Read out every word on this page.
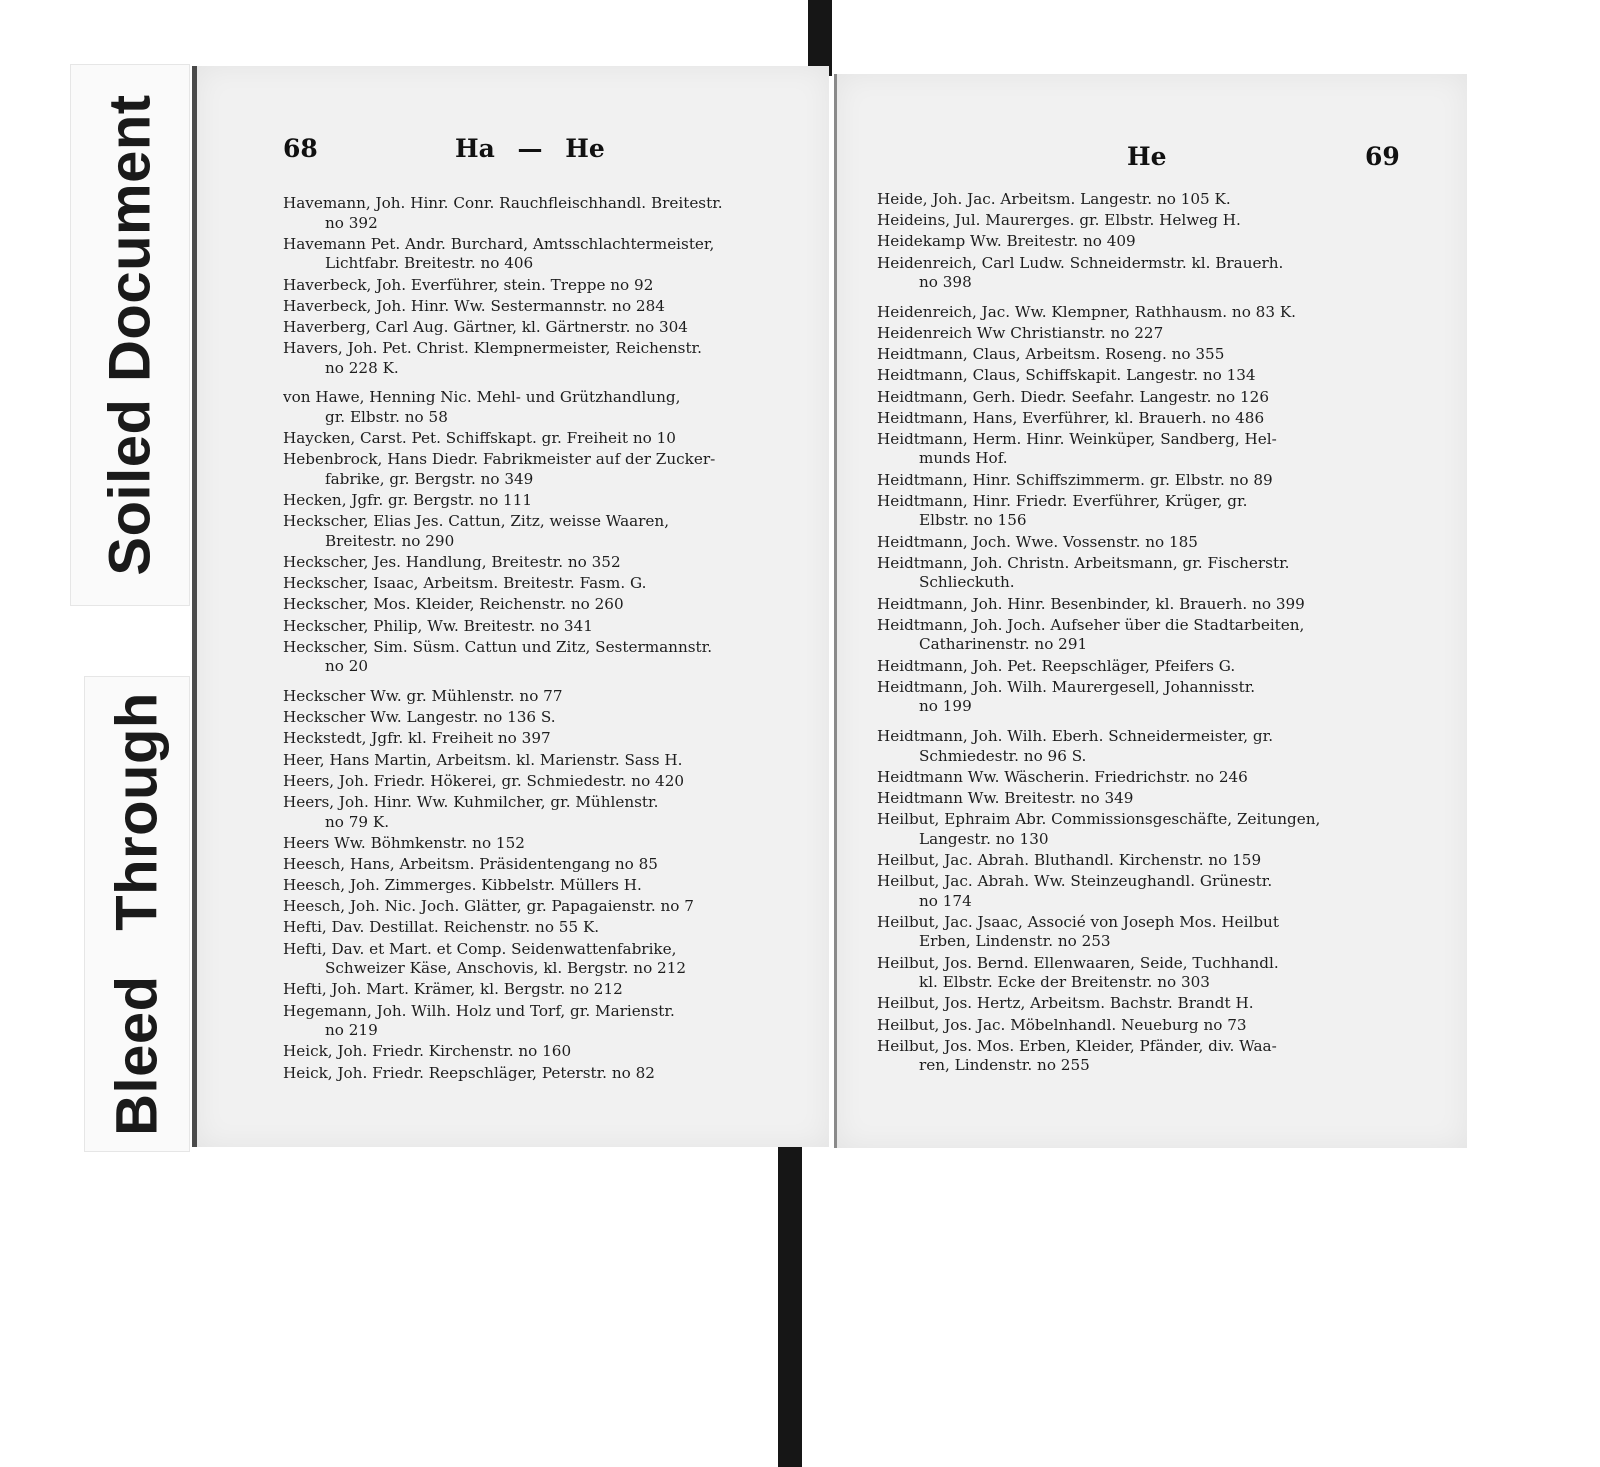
Soiled Document
Bleed Through
68	Ha — He
Havemann, Joh. Hinr. Conr. Rauchfleischhandl. Breitestr.
no 392
Havemann Pet. Andr. Burchard, Amtsschlachtermeister,
Lichtfabr. Breitestr. no 406
Haverbeck, Joh. Everführer, stein. Treppe no 92
Haverbeck, Joh. Hinr. Ww. Sestermannstr. no 284
Haverberg, Carl Aug. Gärtner, kl. Gärtnerstr. no 304
Havers, Joh. Pet. Christ. Klempnermeister, Reichenstr.
no 228 K.
von Hawe, Henning Nic. Mehl- und Grützhandlung,
gr. Elbstr. no 58
Haycken, Carst. Pet. Schiffskapt. gr. Freiheit no 10
Hebenbrock, Hans Diedr. Fabrikmeister auf der Zucker-
fabrike, gr. Bergstr. no 349
Hecken, Jgfr. gr. Bergstr. no 111
Heckscher, Elias Jes. Cattun, Zitz, weisse Waaren,
Breitestr. no 290
Heckscher, Jes. Handlung, Breitestr. no 352
Heckscher, Isaac, Arbeitsm. Breitestr. Fasm. G.
Heckscher, Mos. Kleider, Reichenstr. no 260
Heckscher, Philip, Ww. Breitestr. no 341
Heckscher, Sim. Süsm. Cattun und Zitz, Sestermannstr.
no 20
Heckscher Ww. gr. Mühlenstr. no 77
Heckscher Ww. Langestr. no 136 S.
Heckstedt, Jgfr. kl. Freiheit no 397
Heer, Hans Martin, Arbeitsm. kl. Marienstr. Sass H.
Heers, Joh. Friedr. Hökerei, gr. Schmiedestr. no 420
Heers, Joh. Hinr. Ww. Kuhmilcher, gr. Mühlenstr.
no 79 K.
Heers Ww. Böhmkenstr. no 152
Heesch, Hans, Arbeitsm. Präsidentengang no 85
Heesch, Joh. Zimmerges. Kibbelstr. Müllers H.
Heesch, Joh. Nic. Joch. Glätter, gr. Papagaienstr. no 7
Hefti, Dav. Destillat. Reichenstr. no 55 K.
Hefti, Dav. et Mart. et Comp. Seidenwattenfabrike,
Schweizer Käse, Anschovis, kl. Bergstr. no 212
Hefti, Joh. Mart. Krämer, kl. Bergstr. no 212
Hegemann, Joh. Wilh. Holz und Torf, gr. Marienstr.
no 219
Heick, Joh. Friedr. Kirchenstr. no 160
Heick, Joh. Friedr. Reepschläger, Peterstr. no 82
He	69
Heide, Joh. Jac. Arbeitsm. Langestr. no 105 K.
Heideins, Jul. Maurerges. gr. Elbstr. Helweg H.
Heidekamp Ww. Breitestr. no 409
Heidenreich, Carl Ludw. Schneidermstr. kl. Brauerh.
no 398
Heidenreich, Jac. Ww. Klempner, Rathhausm. no 83 K.
Heidenreich Ww Christianstr. no 227
Heidtmann, Claus, Arbeitsm. Roseng. no 355
Heidtmann, Claus, Schiffskapit. Langestr. no 134
Heidtmann, Gerh. Diedr. Seefahr. Langestr. no 126
Heidtmann, Hans, Everführer, kl. Brauerh. no 486
Heidtmann, Herm. Hinr. Weinküper, Sandberg, Hel-
munds Hof.
Heidtmann, Hinr. Schiffszimmerm. gr. Elbstr. no 89
Heidtmann, Hinr. Friedr. Everführer, Krüger, gr.
Elbstr. no 156
Heidtmann, Joch. Wwe. Vossenstr. no 185
Heidtmann, Joh. Christn. Arbeitsmann, gr. Fischerstr.
Schlieckuth.
Heidtmann, Joh. Hinr. Besenbinder, kl. Brauerh. no 399
Heidtmann, Joh. Joch. Aufseher über die Stadtarbeiten,
Catharinenstr. no 291
Heidtmann, Joh. Pet. Reepschläger, Pfeifers G.
Heidtmann, Joh. Wilh. Maurergesell, Johannisstr.
no 199
Heidtmann, Joh. Wilh. Eberh. Schneidermeister, gr.
Schmiedestr. no 96 S.
Heidtmann Ww. Wäscherin. Friedrichstr. no 246
Heidtmann Ww. Breitestr. no 349
Heilbut, Ephraim Abr. Commissionsgeschäfte, Zeitungen,
Langestr. no 130
Heilbut, Jac. Abrah. Bluthandl. Kirchenstr. no 159
Heilbut, Jac. Abrah. Ww. Steinzeughandl. Grünestr.
no 174
Heilbut, Jac. Jsaac, Associé von Joseph Mos. Heilbut
Erben, Lindenstr. no 253
Heilbut, Jos. Bernd. Ellenwaaren, Seide, Tuchhandl.
kl. Elbstr. Ecke der Breitenstr. no 303
Heilbut, Jos. Hertz, Arbeitsm. Bachstr. Brandt H.
Heilbut, Jos. Jac. Möbelnhandl. Neueburg no 73
Heilbut, Jos. Mos. Erben, Kleider, Pfänder, div. Waa-
ren, Lindenstr. no 255
